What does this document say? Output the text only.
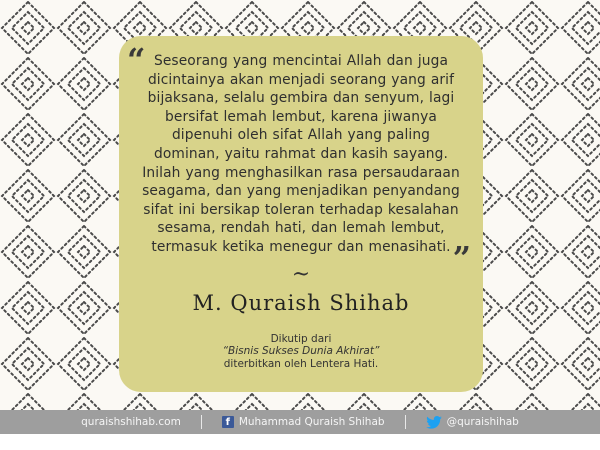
“
”
Seseorang yang mencintai Allah dan juga
dicintainya akan menjadi seorang yang arif
bijaksana, selalu gembira dan senyum, lagi
bersifat lemah lembut, karena jiwanya
dipenuhi oleh sifat Allah yang paling
dominan, yaitu rahmat dan kasih sayang.
Inilah yang menghasilkan rasa persaudaraan
seagama, dan yang menjadikan penyandang
sifat ini bersikap toleran terhadap kesalahan
sesama, rendah hati, dan lemah lembut,
termasuk ketika menegur dan menasihati.
~
M. Quraish Shihab
Dikutip dari
“Bisnis Sukses Dunia Akhirat”
diterbitkan oleh Lentera Hati.
quraishshihab.com	f Muhammad Quraish Shihab	@quraishihab
